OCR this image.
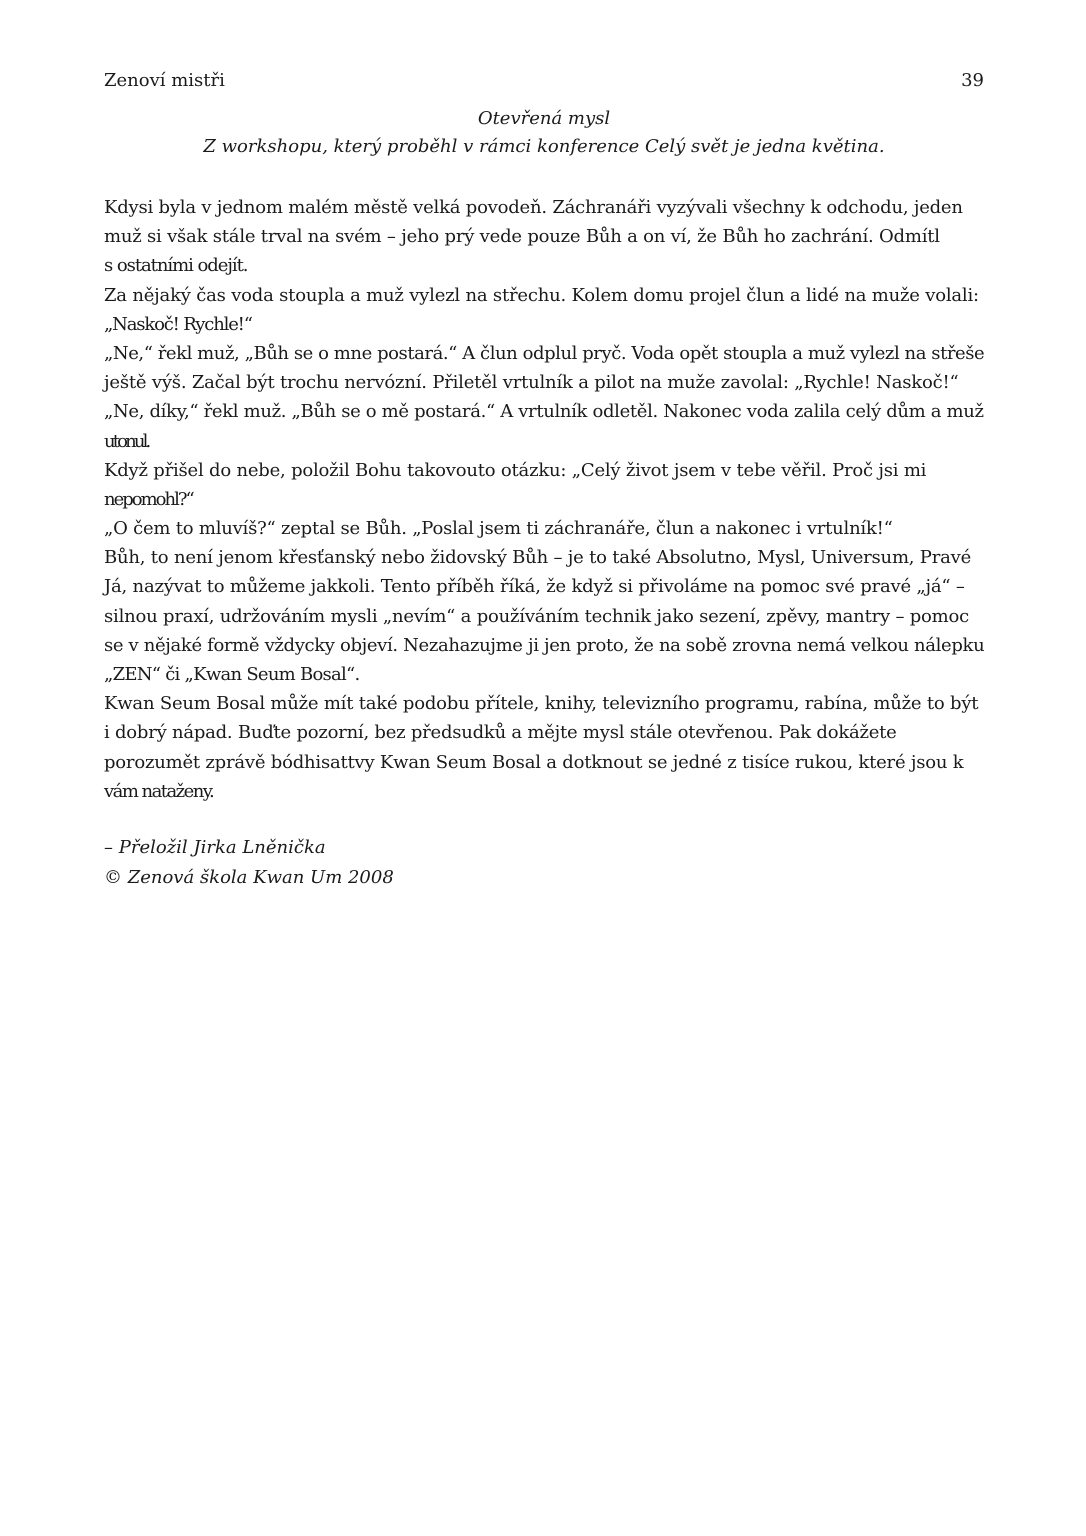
Zenoví mistři	39
Otevřená mysl
Z workshopu, který proběhl v rámci konference Celý svět je jedna květina.
Kdysi byla v jednom malém městě velká povodeň. Záchranáři vyzývali všechny k odchodu, jeden
muž si však stále trval na svém – jeho prý vede pouze Bůh a on ví, že Bůh ho zachrání. Odmítl
s ostatními odejít.
Za nějaký čas voda stoupla a muž vylezl na střechu. Kolem domu projel člun a lidé na muže volali:
„Naskoč! Rychle!“
„Ne,“ řekl muž, „Bůh se o mne postará.“ A člun odplul pryč. Voda opět stoupla a muž vylezl na střeše
ještě výš. Začal být trochu nervózní. Přiletěl vrtulník a pilot na muže zavolal: „Rychle! Naskoč!“
„Ne, díky,“ řekl muž. „Bůh se o mě postará.“ A vrtulník odletěl. Nakonec voda zalila celý dům a muž
utonul.
Když přišel do nebe, položil Bohu takovouto otázku: „Celý život jsem v tebe věřil. Proč jsi mi
nepomohl?“
„O čem to mluvíš?“ zeptal se Bůh. „Poslal jsem ti záchranáře, člun a nakonec i vrtulník!“
Bůh, to není jenom křesťanský nebo židovský Bůh – je to také Absolutno, Mysl, Universum, Pravé
Já, nazývat to můžeme jakkoli. Tento příběh říká, že když si přivoláme na pomoc své pravé „já“ –
silnou praxí, udržováním mysli „nevím“ a používáním technik jako sezení, zpěvy, mantry – pomoc
se v nějaké formě vždycky objeví. Nezahazujme ji jen proto, že na sobě zrovna nemá velkou nálepku
„ZEN“ či „Kwan Seum Bosal“.
Kwan Seum Bosal může mít také podobu přítele, knihy, televizního programu, rabína, může to být
i dobrý nápad. Buďte pozorní, bez předsudků a mějte mysl stále otevřenou. Pak dokážete
porozumět zprávě bódhisattvy Kwan Seum Bosal a dotknout se jedné z tisíce rukou, které jsou k
vám nataženy.
– Přeložil Jirka Lněnička
© Zenová škola Kwan Um 2008
